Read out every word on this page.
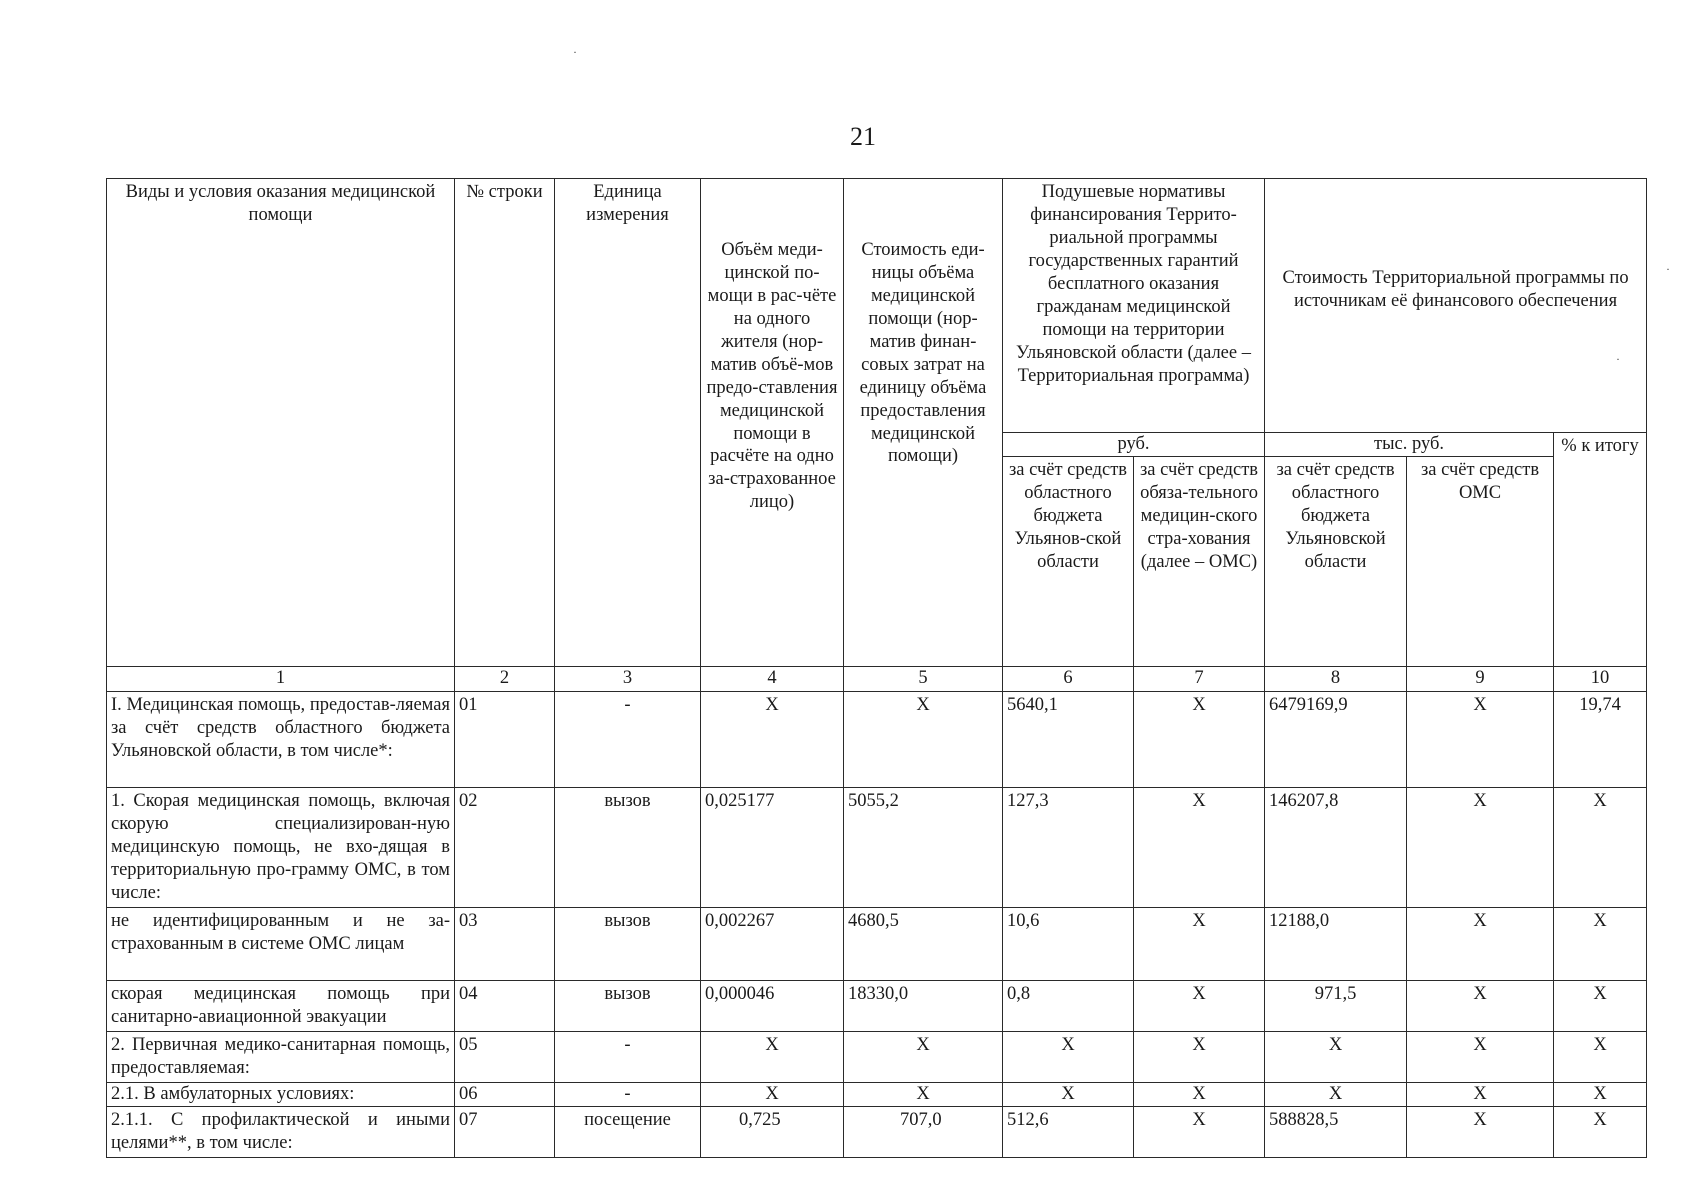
21
·
·
·
Виды и условия оказания медицинской помощи	№ строки	Единица измерения	Объём меди-цинской по-мощи в рас-чёте на одного жителя (нор-матив объё-мов предо-ставления медицинской помощи в расчёте на одно за-страхованное лицо)	Стоимость еди-ницы объёма медицинской помощи (нор-матив финан-совых затрат на единицу объёма предоставления медицинской помощи)	Подушевые нормативы финансирования Террито-риальной программы государственных гарантий бесплатного оказания гражданам медицинской помощи на территории Ульяновской области (далее – Территориальная программа)		Стоимость Территориальной программы по источникам её финансового обеспечения		
					руб.		тыс. руб.		% к итогу
					за счёт средств областного бюджета Ульянов-ской области	за счёт средств обяза-тельного медицин-ского стра-хования (далее – ОМС)	за счёт средств областного бюджета Ульяновской области	за счёт средств ОМС	
1	2	3	4	5	6	7	8	9	10
I. Медицинская помощь, предостав-ляемая за счёт средств областного бюджета Ульяновской области, в том числе*:	01	-	Х	Х	5640,1	Х	6479169,9	Х	19,74
1. Скорая медицинская помощь, включая скорую специализирован-ную медицинскую помощь, не вхо-дящая в территориальную про-грамму ОМС, в том числе:	02	вызов	0,025177	5055,2	127,3	Х	146207,8	Х	Х
не идентифицированным и не за-страхованным в системе ОМС лицам	03	вызов	0,002267	4680,5	10,6	Х	12188,0	Х	Х
скорая медицинская помощь при санитарно-авиационной эвакуации	04	вызов	0,000046	18330,0	0,8	Х	971,5	Х	Х
2. Первичная медико-санитарная помощь, предоставляемая:	05	-	Х	Х	Х	Х	Х	Х	Х
2.1. В амбулаторных условиях:	06	-	Х	Х	Х	Х	Х	Х	Х
2.1.1. С профилактической и иными целями**, в том числе:	07	посещение	0,725	707,0	512,6	Х	588828,5	Х	Х
